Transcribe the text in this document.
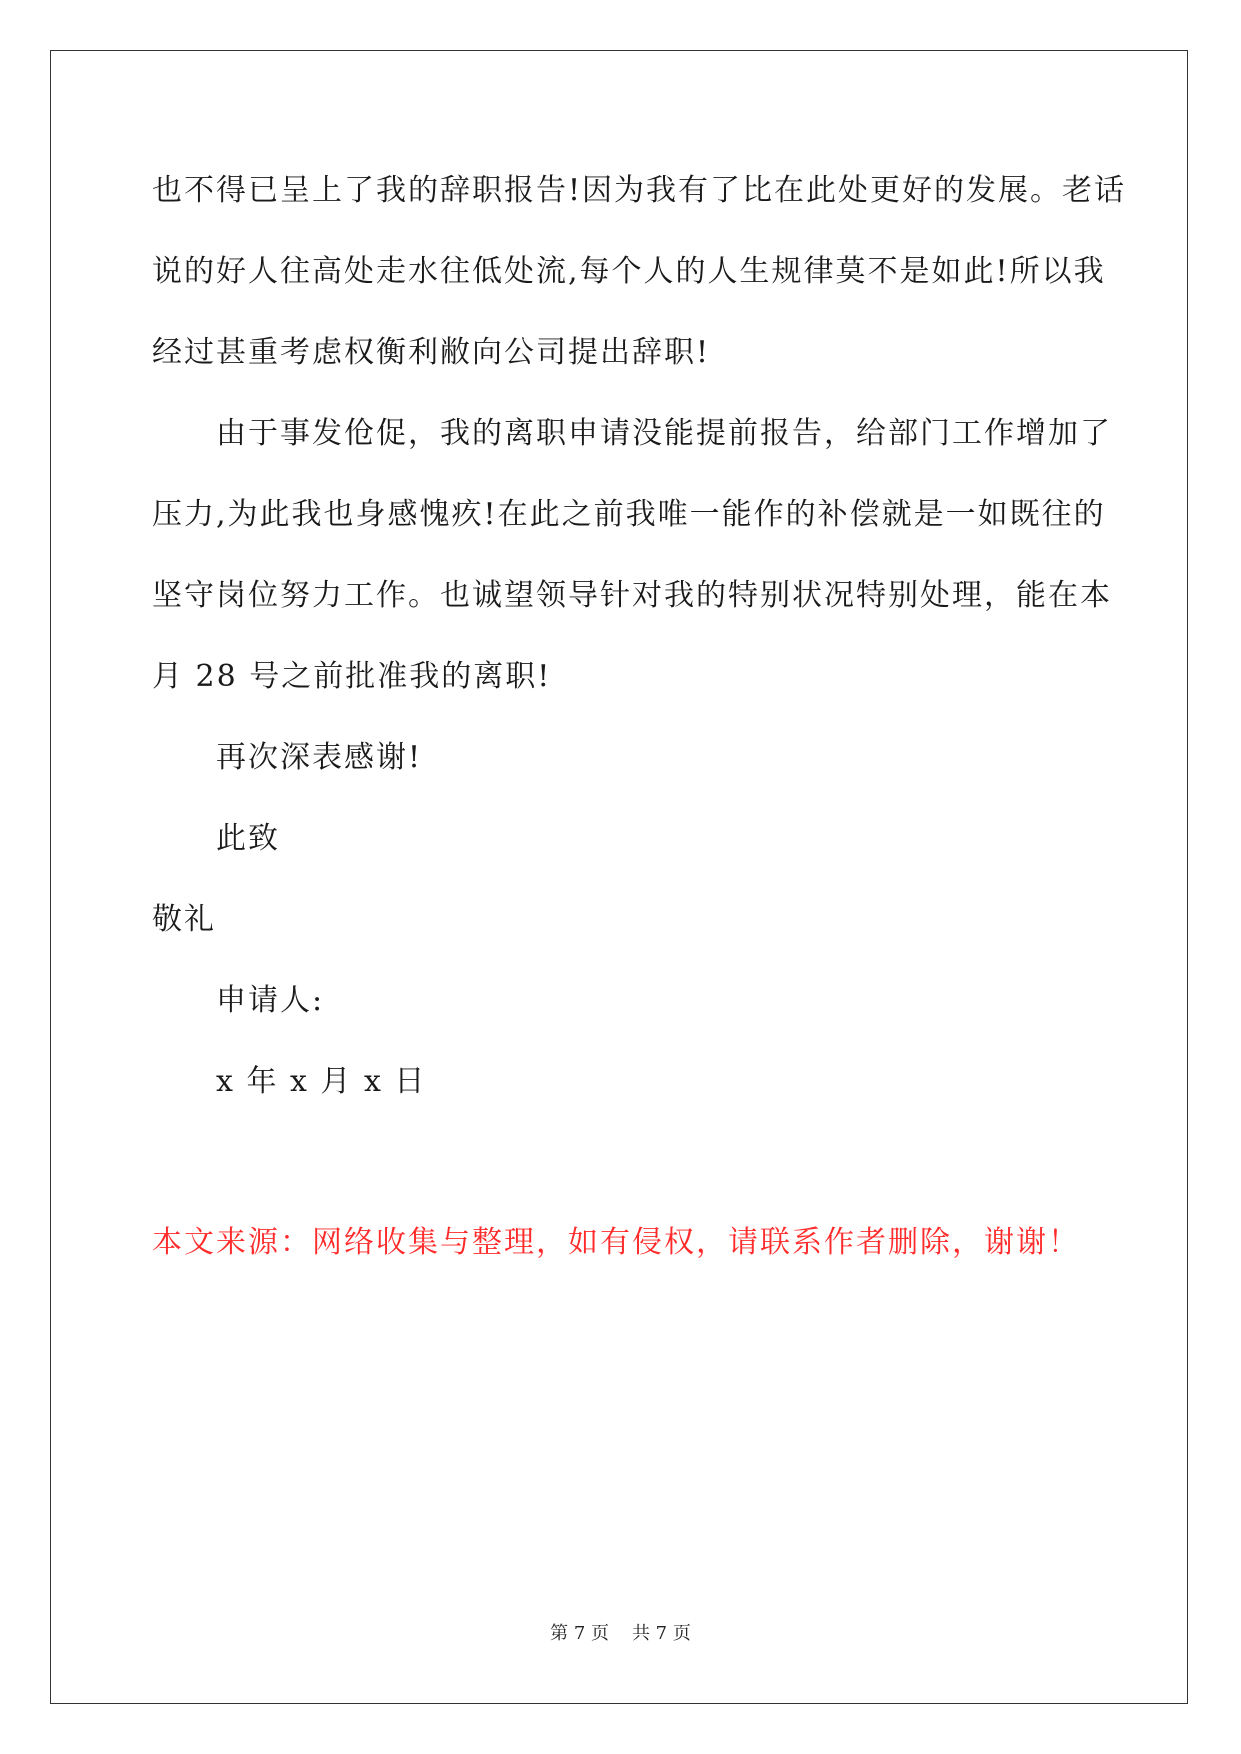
也不得已呈上了我的辞职报告!因为我有了比在此处更好的发展。老话
说的好人往高处走水往低处流,每个人的人生规律莫不是如此!所以我
经过甚重考虑权衡利敝向公司提出辞职!
由于事发伧促，我的离职申请没能提前报告，给部门工作增加了
压力,为此我也身感愧疚!在此之前我唯一能作的补偿就是一如既往的
坚守岗位努力工作。也诚望领导针对我的特别状况特别处理，能在本
月 28 号之前批准我的离职!
再次深表感谢!
此致
敬礼
申请人:
x 年 x 月 x 日
本文来源：网络收集与整理，如有侵权，请联系作者删除，谢谢！
第 7 页    共 7 页
